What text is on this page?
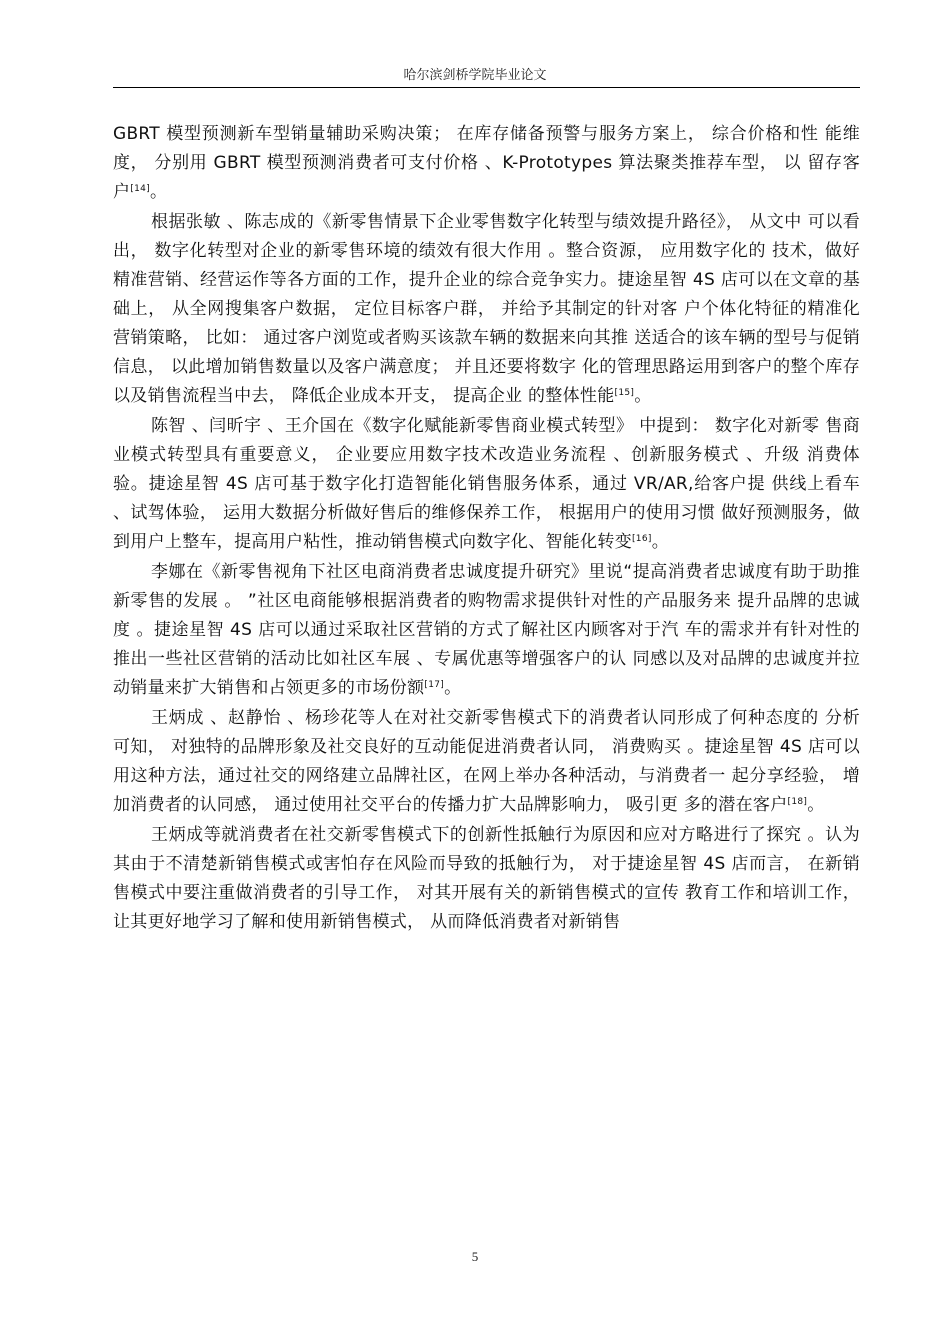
哈尔滨剑桥学院毕业论文

GBRT 模型预测新车型销量辅助采购决策； 在库存储备预警与服务方案上， 综合价格和性 能维度， 分别用 GBRT 模型预测消费者可支付价格 、K-Prototypes 算法聚类推荐车型， 以 留存客户[14]。

根据张敏 、陈志成的《新零售情景下企业零售数字化转型与绩效提升路径》， 从文中 可以看出， 数字化转型对企业的新零售环境的绩效有很大作用 。整合资源， 应用数字化的 技术，做好精准营销、经营运作等各方面的工作，提升企业的综合竞争实力。捷途星智 4S 店可以在文章的基础上， 从全网搜集客户数据， 定位目标客户群， 并给予其制定的针对客 户个体化特征的精准化营销策略， 比如： 通过客户浏览或者购买该款车辆的数据来向其推 送适合的该车辆的型号与促销信息， 以此增加销售数量以及客户满意度； 并且还要将数字 化的管理思路运用到客户的整个库存以及销售流程当中去， 降低企业成本开支， 提高企业 的整体性能[15]。

陈智 、闫昕宇 、王介国在《数字化赋能新零售商业模式转型》 中提到： 数字化对新零 售商业模式转型具有重要意义， 企业要应用数字技术改造业务流程 、创新服务模式 、升级 消费体验。捷途星智 4S 店可基于数字化打造智能化销售服务体系，通过 VR/AR,给客户提 供线上看车 、试驾体验， 运用大数据分析做好售后的维修保养工作， 根据用户的使用习惯 做好预测服务，做到用户上整车，提高用户粘性，推动销售模式向数字化、智能化转变[16]。

李娜在《新零售视角下社区电商消费者忠诚度提升研究》里说“提高消费者忠诚度有助于助推新零售的发展 。 ”社区电商能够根据消费者的购物需求提供针对性的产品服务来 提升品牌的忠诚度 。捷途星智 4S 店可以通过采取社区营销的方式了解社区内顾客对于汽 车的需求并有针对性的推出一些社区营销的活动比如社区车展 、专属优惠等增强客户的认 同感以及对品牌的忠诚度并拉动销量来扩大销售和占领更多的市场份额[17]。

王炳成 、赵静怡 、杨珍花等人在对社交新零售模式下的消费者认同形成了何种态度的 分析可知， 对独特的品牌形象及社交良好的互动能促进消费者认同， 消费购买 。捷途星智 4S 店可以用这种方法，通过社交的网络建立品牌社区，在网上举办各种活动，与消费者一 起分享经验， 增加消费者的认同感， 通过使用社交平台的传播力扩大品牌影响力， 吸引更 多的潜在客户[18]。

王炳成等就消费者在社交新零售模式下的创新性抵触行为原因和应对方略进行了探究 。认为其由于不清楚新销售模式或害怕存在风险而导致的抵触行为， 对于捷途星智 4S 店而言， 在新销售模式中要注重做消费者的引导工作， 对其开展有关的新销售模式的宣传 教育工作和培训工作， 让其更好地学习了解和使用新销售模式， 从而降低消费者对新销售

5
